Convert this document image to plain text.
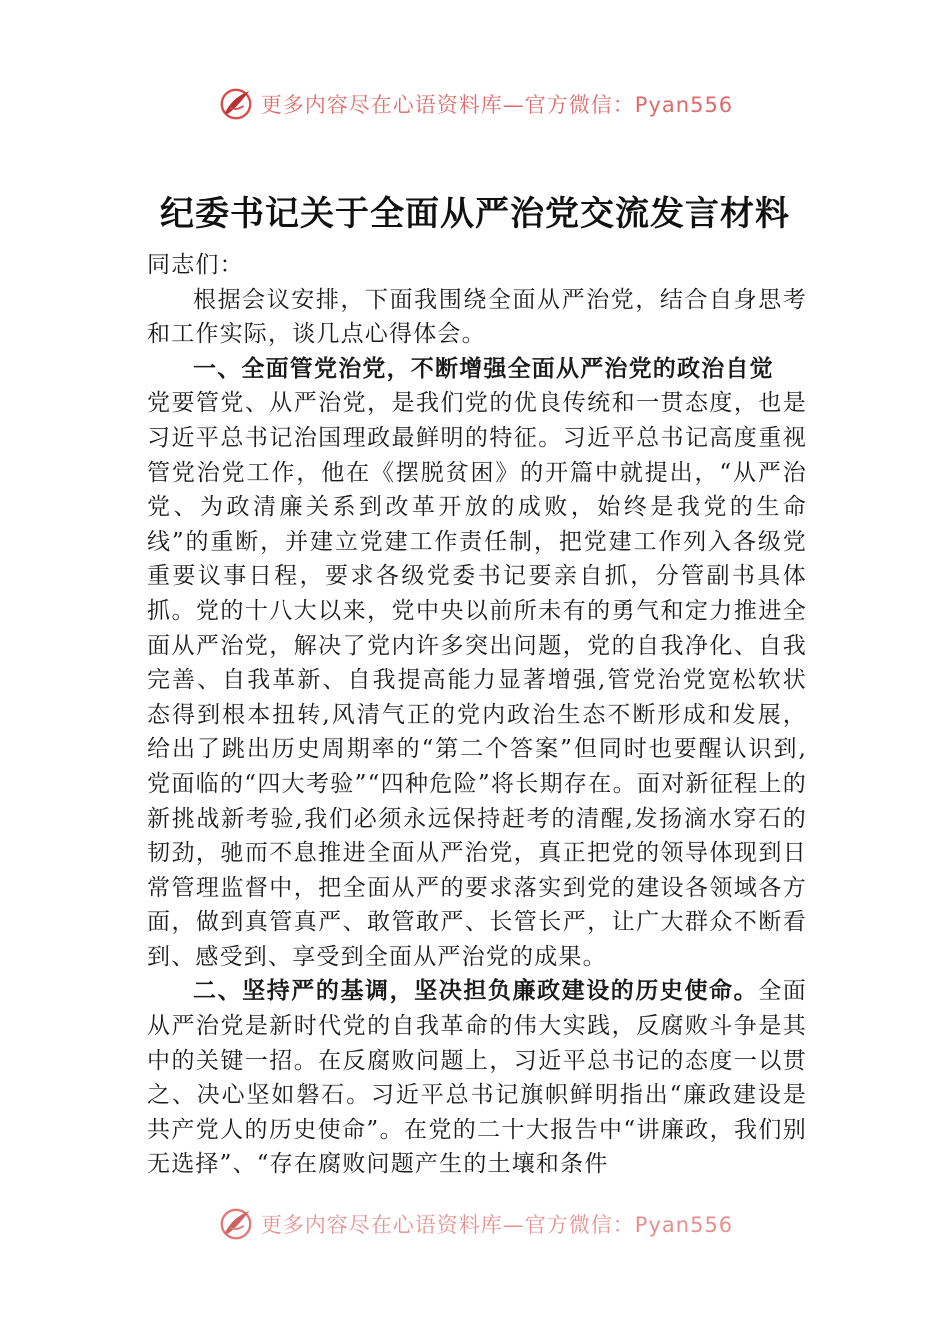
更多内容尽在心语资料库—官方微信：Pyan556
纪委书记关于全面从严治党交流发言材料

同志们：

根据会议安排，下面我围绕全面从严治党，结合自身思考和工作实际，谈几点心得体会。

一、全面管党治党，不断增强全面从严治党的政治自觉

党要管党、从严治党，是我们党的优良传统和一贯态度，也是习近平总书记治国理政最鲜明的特征。习近平总书记高度重视管党治党工作，他在《摆脱贫困》的开篇中就提出，“从严治党、为政清廉关系到改革开放的成败，始终是我党的生命线”的重断，并建立党建工作责任制，把党建工作列入各级党重要议事日程，要求各级党委书记要亲自抓，分管副书具体抓。党的十八大以来，党中央以前所未有的勇气和定力推进全面从严治党，解决了党内许多突出问题，党的自我净化、自我完善、自我革新、自我提高能力显著增强,管党治党宽松软状态得到根本扭转,风清气正的党内政治生态不断形成和发展，给出了跳出历史周期率的“第二个答案”但同时也要醒认识到,党面临的“四大考验”“四种危险”将长期存在。面对新征程上的新挑战新考验,我们必须永远保持赶考的清醒,发扬滴水穿石的韧劲，驰而不息推进全面从严治党，真正把党的领导体现到日常管理监督中，把全面从严的要求落实到党的建设各领域各方面，做到真管真严、敢管敢严、长管长严，让广大群众不断看到、感受到、享受到全面从严治党的成果。

二、坚持严的基调，坚决担负廉政建设的历史使命。全面从严治党是新时代党的自我革命的伟大实践，反腐败斗争是其中的关键一招。在反腐败问题上，习近平总书记的态度一以贯之、决心坚如磐石。习近平总书记旗帜鲜明指出“廉政建设是共产党人的历史使命”。在党的二十大报告中“讲廉政，我们别无选择”、“存在腐败问题产生的土壤和条件

更多内容尽在心语资料库—官方微信：Pyan556
